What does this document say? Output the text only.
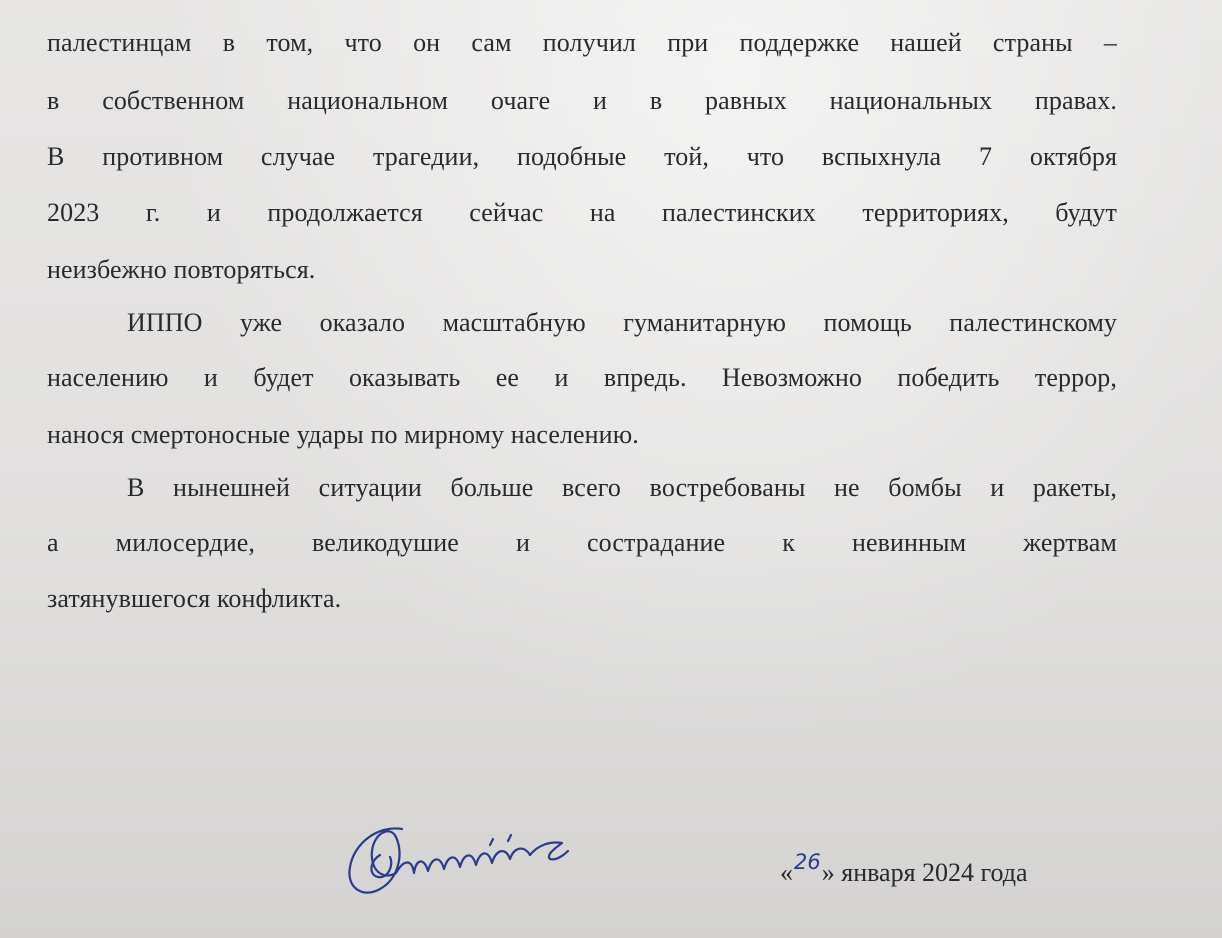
палестинцам в том, что он сам получил при поддержке нашей страны –
в собственном национальном очаге и в равных национальных правах.
В противном случае трагедии, подобные той, что вспыхнула 7 октября
2023 г. и продолжается сейчас на палестинских территориях, будут
неизбежно повторяться.
ИППО уже оказало масштабную гуманитарную помощь палестинскому
населению и будет оказывать ее и впредь. Невозможно победить террор,
нанося смертоносные удары по мирному населению.
В нынешней ситуации больше всего востребованы не бомбы и ракеты,
а милосердие, великодушие и сострадание к невинным жертвам
затянувшегося конфликта.
«$^{26}$» января 2024 года
